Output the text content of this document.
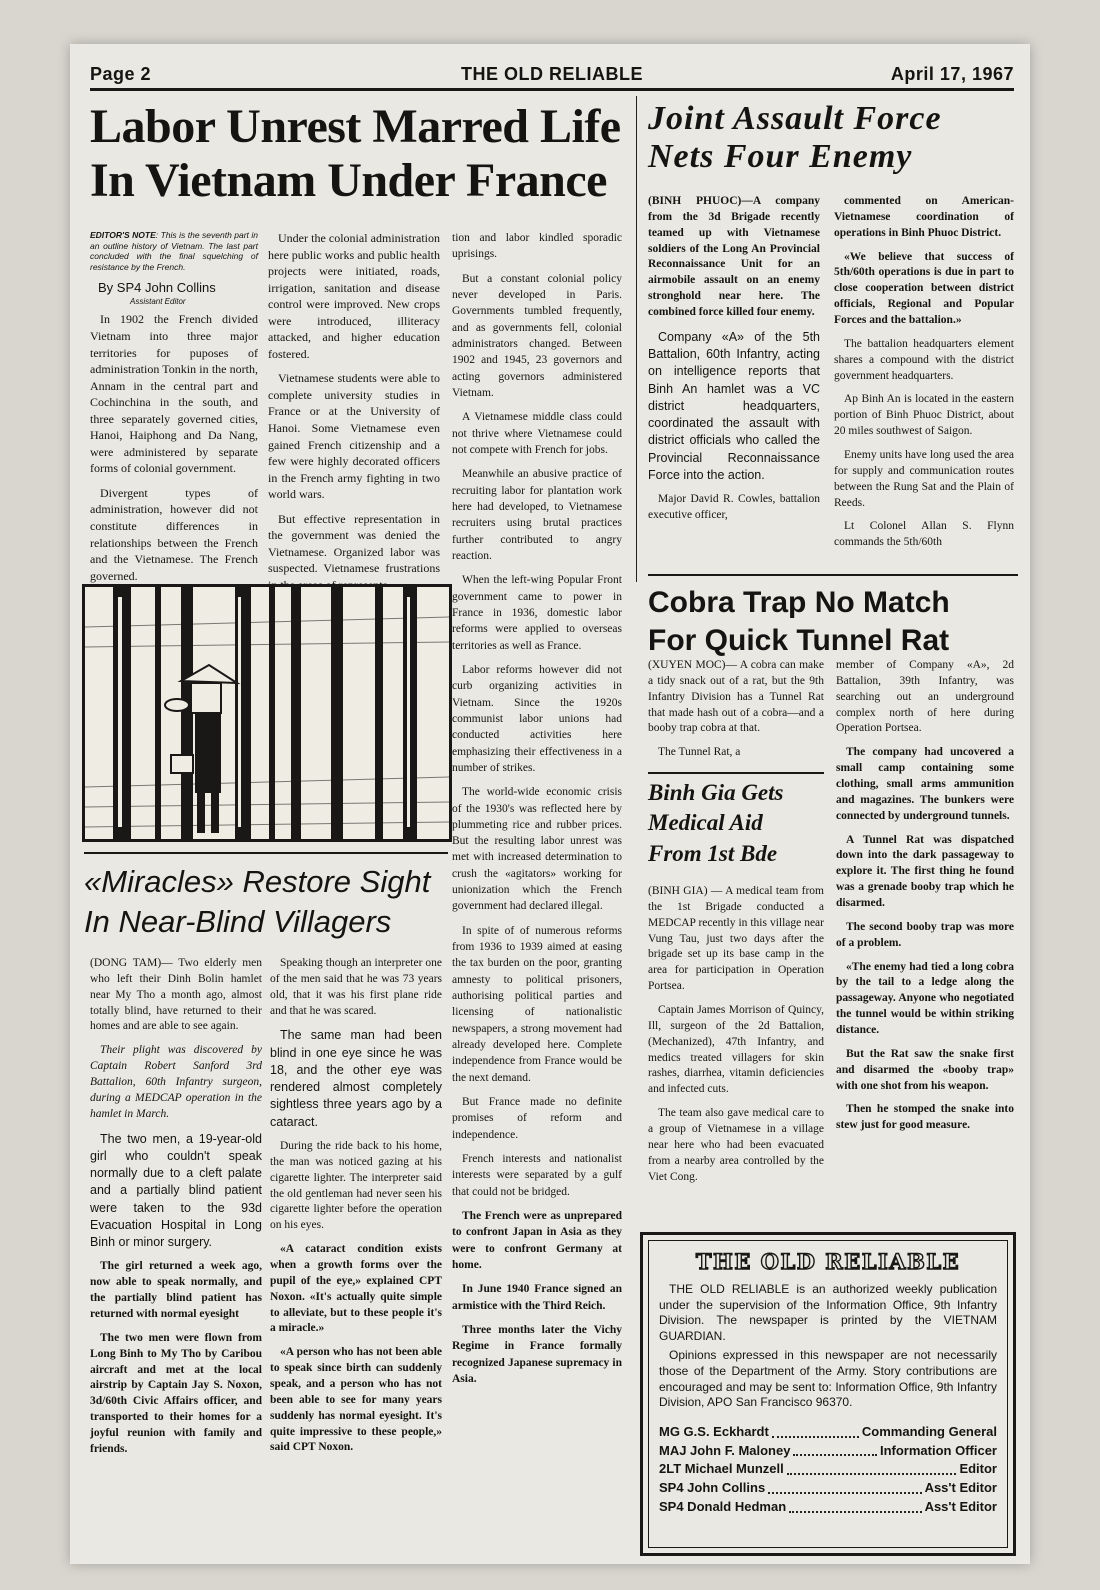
Page 2	THE OLD RELIABLE	April 17, 1967
Labor Unrest Marred Life
In Vietnam Under France
Joint Assault Force
Nets Four Enemy
EDITOR'S NOTE: This is the seventh part in an outline history of Vietnam. The last part concluded with the final squelching of resistance by the French.
By SP4 John Collins
Assistant Editor

In 1902 the French divided Vietnam into three major territories for puposes of administration Tonkin in the north, Annam in the central part and Cochinchina in the south, and three separately governed cities, Hanoi, Haiphong and Da Nang, were administered by separate forms of colonial government.

Divergent types of administration, however did not constitute differences in relationships between the French and the Vietnamese. The French governed.

Under the colonial administration here public works and public health projects were initiated, roads, irrigation, sanitation and disease control were improved. New crops were introduced, illiteracy attacked, and higher education fostered.

Vietnamese students were able to complete university studies in France or at the University of Hanoi. Some Vietnamese even gained French citizenship and a few were highly decorated officers in the French army fighting in two world wars.

But effective representation in the government was denied the Vietnamese. Organized labor was suspected. Vietnamese frustrations

tion and labor kindled sporadic uprisings.

But a constant colonial policy never developed in Paris. Governments tumbled frequently, and as governments fell, colonial administrators changed. Between 1902 and 1945, 23 governors and acting governors administered Vietnam.

A Vietnamese middle class could not thrive where Vietnamese could not compete with French for jobs.

Meanwhile an abusive practice of recruiting labor for plantation work here had developed, to Vietnamese recruiters using brutal practices further contributed to angry reaction.

When the left-wing Popular Front government came to power in France in 1936, domestic labor reforms were applied to overseas territories as well as France.

Labor reforms however did not curb organizing activities in Vietnam. Since the 1920s communist labor unions had conducted activities here emphasizing their effectiveness in a number of strikes.

The world-wide economic crisis of the 1930's was reflected here by plummeting rice and rubber prices. But the resulting labor unrest was met with increased determination to crush the «agitators» working for unionization which the French government had declared illegal.

In spite of of numerous reforms from 1936 to 1939 aimed at easing the tax burden on the poor, granting amnesty to political prisoners, authorising political parties and licensing of nationalistic newspapers, a strong movement had already developed here. Complete independence from France would be the next demand.

But France made no definite promises of reform and independence.

French interests and nationalist interests were separated by a gulf that could not be bridged.

The French were as unprepared to confront Japan in Asia as they were to confront Germany at home.

In June 1940 France signed an armistice with the Third Reich.

Three months later the Vichy Regime in France formally recognized Japanese supremacy in Asia.

(BINH PHUOC)—A company from the 3d Brigade recently teamed up with Vietnamese soldiers of the Long An Provincial Reconnaissance Unit for an airmobile assault on an enemy stronghold near here. The combined force killed four enemy.

Company «A» of the 5th Battalion, 60th Infantry, acting on intelligence reports that Binh An hamlet was a VC district headquarters, coordinated the assault with district officials who called the Provincial Reconnaissance Force into the action.

Major David R. Cowles, battalion executive officer,

commented on American-Vietnamese coordination of operations in Binh Phuoc District.

«We believe that success of 5th/60th operations is due in part to close cooperation between district officials, Regional and Popular Forces and the battalion.»

The battalion headquarters element shares a compound with the district government headquarters.

Ap Binh An is located in the eastern portion of Binh Phuoc District, about 20 miles southwest of Saigon.

Enemy units have long used the area for supply and communication routes between the Rung Sat and the Plain of Reeds.

Lt Colonel Allan S. Flynn commands the 5th/60th

Cobra Trap No Match
For Quick Tunnel Rat

(XUYEN MOC)— A cobra can make a tidy snack out of a rat, but the 9th Infantry Division has a Tunnel Rat that made hash out of a cobra—and a booby trap cobra at that.

The Tunnel Rat, a

member of Company «A», 2d Battalion, 39th Infantry, was searching out an underground complex north of here during Operation Portsea.

The company had uncovered a small camp containing some clothing, small arms ammunition and magazines. The bunkers were connected by underground tunnels.

A Tunnel Rat was dispatched down into the dark passageway to explore it. The first thing he found was a grenade booby trap which he disarmed.

The second booby trap was more of a problem.

«The enemy had tied a long cobra by the tail to a ledge along the passageway. Anyone who negotiated the tunnel would be within striking distance.

But the Rat saw the snake first and disarmed the «booby trap» with one shot from his weapon.

Then he stomped the snake into stew just for good measure.

Binh Gia Gets
Medical Aid
From 1st Bde

(BINH GIA) — A medical team from the 1st Brigade conducted a MEDCAP recently in this village near Vung Tau, just two days after the brigade set up its base camp in the area for participation in Operation Portsea.

Captain James Morrison of Quincy, Ill, surgeon of the 2d Battalion, (Mechanized), 47th Infantry, and medics treated villagers for skin rashes, diarrhea, vitamin deficiencies and infected cuts.

The team also gave medical care to a group of Vietnamese in a village near here who had been evacuated from a nearby area controlled by the Viet Cong.

«Miracles» Restore Sight
In Near-Blind Villagers

(DONG TAM)— Two elderly men who left their Dinh Bolin hamlet near My Tho a month ago, almost totally blind, have returned to their homes and are able to see again.

Their plight was discovered by Captain Robert Sanford 3rd Battalion, 60th Infantry surgeon, during a MEDCAP operation in the hamlet in March.

The two men, a 19-year-old girl who couldn't speak normally due to a cleft palate and a partially blind patient were taken to the 93d Evacuation Hospital in Long Binh or minor surgery.

The girl returned a week ago, now able to speak normally, and the partially blind patient has returned with normal eyesight

The two men were flown from Long Binh to My Tho by Caribou aircraft and met at the local airstrip by Captain Jay S. Noxon, 3d/60th Civic Affairs officer, and transported to their homes for a joyful reunion with family and friends.

Speaking though an interpreter one of the men said that he was 73 years old, that it was his first plane ride and that he was scared.

The same man had been blind in one eye since he was 18, and the other eye was rendered almost completely sightless three years ago by a cataract.

During the ride back to his home, the man was noticed gazing at his cigarette lighter. The interpreter said the old gentleman had never seen his cigarette lighter before the operation on his eyes.

«A cataract condition exists when a growth forms over the pupil of the eye,» explained CPT Noxon. «It's actually quite simple to alleviate, but to these people it's a miracle.»

«A person who has not been able to speak since birth can suddenly speak, and a person who has not been able to see for many years suddenly has normal eyesight. It's quite impressive to these people,» said CPT Noxon.

THE OLD RELIABLE

THE OLD RELIABLE is an authorized weekly publication under the supervision of the Information Office, 9th Infantry Division. The newspaper is printed by the VIETNAM GUARDIAN.

Opinions expressed in this newspaper are not necessarily those of the Department of the Army. Story contributions are encouraged and may be sent to: Information Office, 9th Infantry Division, APO San Francisco 96370.

MG G.S. Eckhardt	Commanding General
MAJ John F. Maloney	Information Officer
2LT Michael Munzell	Editor
SP4 John Collins	Ass't Editor
SP4 Donald Hedman	Ass't Editor
